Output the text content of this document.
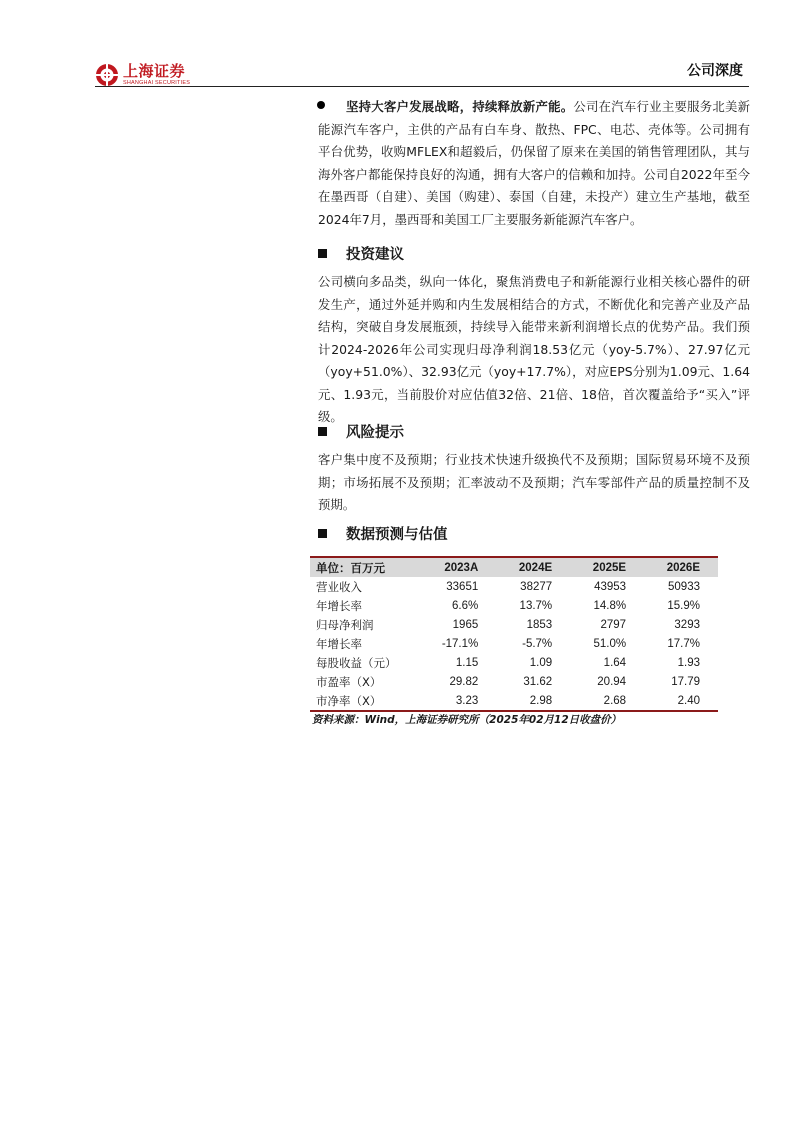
上海证券
SHANGHAI SECURITIES
公司深度

坚持大客户发展战略，持续释放新产能。公司在汽车行业主要服务北美新能源汽车客户，主供的产品有白车身、散热、FPC、电芯、壳体等。公司拥有平台优势，收购MFLEX和超毅后，仍保留了原来在美国的销售管理团队，其与海外客户都能保持良好的沟通，拥有大客户的信赖和加持。公司自2022年至今在墨西哥（自建）、美国（购建）、泰国（自建，未投产）建立生产基地，截至2024年7月，墨西哥和美国工厂主要服务新能源汽车客户。

投资建议

公司横向多品类，纵向一体化，聚焦消费电子和新能源行业相关核心器件的研发生产，通过外延并购和内生发展相结合的方式，不断优化和完善产业及产品结构，突破自身发展瓶颈，持续导入能带来新利润增长点的优势产品。我们预计2024-2026年公司实现归母净利润18.53亿元（yoy-5.7%）、27.97亿元（yoy+51.0%）、32.93亿元（yoy+17.7%），对应EPS分别为1.09元、1.64元、1.93元，当前股价对应估值32倍、21倍、18倍，首次覆盖给予“买入”评级。

风险提示

客户集中度不及预期；行业技术快速升级换代不及预期；国际贸易环境不及预期；市场拓展不及预期；汇率波动不及预期；汽车零部件产品的质量控制不及预期。

数据预测与估值
单位：百万元	2023A	2024E	2025E	2026E
营业收入	33651	38277	43953	50933
年增长率	6.6%	13.7%	14.8%	15.9%
归母净利润	1965	1853	2797	3293
年增长率	-17.1%	-5.7%	51.0%	17.7%
每股收益（元）	1.15	1.09	1.64	1.93
市盈率（X）	29.82	31.62	20.94	17.79
市净率（X）	3.23	2.98	2.68	2.40
资料来源：Wind，上海证券研究所（2025年02月12日收盘价）
